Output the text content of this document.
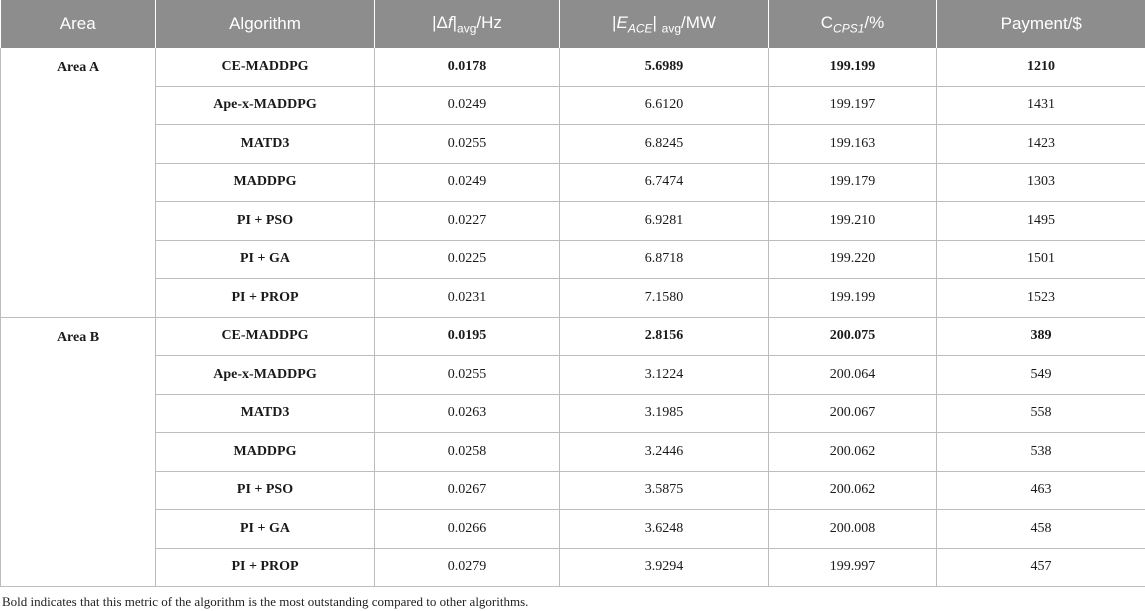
Area	Algorithm	$|\Delta f|_{avg}/Hz$	$|E_{ACE}|$ $_{avg}$/MW	$C_{CPS1}/\%$	Payment/$
Area A	CE-MADDPG	0.0178	5.6989	199.199	1210
	Ape-x-MADDPG	0.0249	6.6120	199.197	1431
	MATD3	0.0255	6.8245	199.163	1423
	MADDPG	0.0249	6.7474	199.179	1303
	PI + PSO	0.0227	6.9281	199.210	1495
	PI + GA	0.0225	6.8718	199.220	1501
	PI + PROP	0.0231	7.1580	199.199	1523
Area B	CE-MADDPG	0.0195	2.8156	200.075	389
	Ape-x-MADDPG	0.0255	3.1224	200.064	549
	MATD3	0.0263	3.1985	200.067	558
	MADDPG	0.0258	3.2446	200.062	538
	PI + PSO	0.0267	3.5875	200.062	463
	PI + GA	0.0266	3.6248	200.008	458
	PI + PROP	0.0279	3.9294	199.997	457
Bold indicates that this metric of the algorithm is the most outstanding compared to other algorithms.
